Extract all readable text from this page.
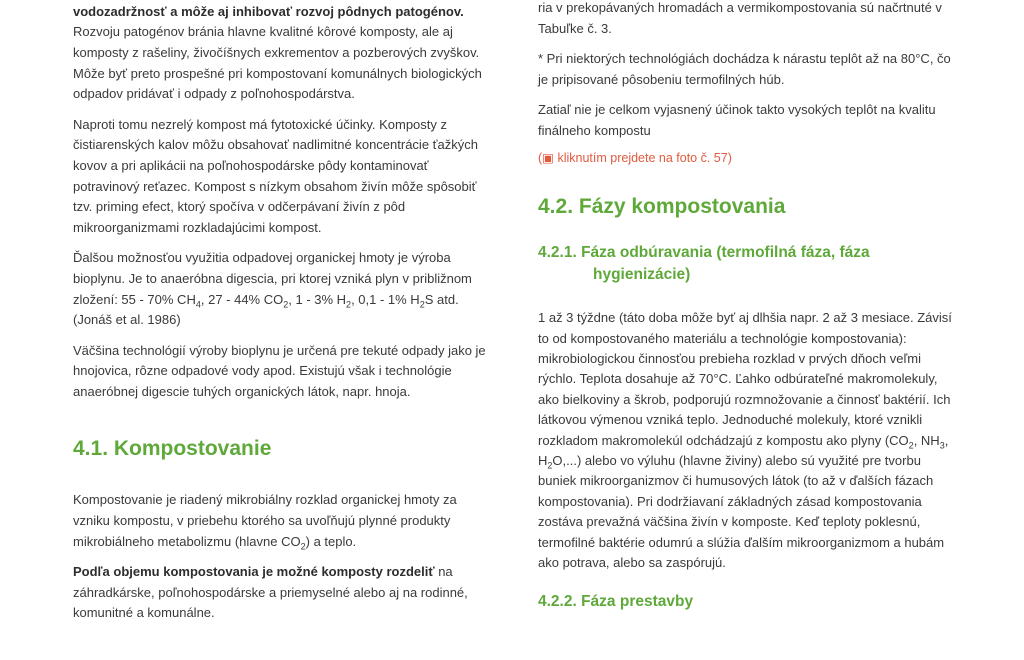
vodozadržnosť a môže aj inhibovať rozvoj pôdnych patogénov. Rozvoju patogénov bránia hlavne kvalitné kôrové komposty, ale aj komposty z rašeliny, živočíšnych exkrementov a pozberových zvyškov. Môže byť preto prospešné pri kompostovaní komunálnych biologických odpadov pridávať i odpady z poľnohospodárstva.

Naproti tomu nezrelý kompost má fytotoxické účinky. Komposty z čistiarenských kalov môžu obsahovať nadlimitné koncentrácie ťažkých kovov a pri aplikácii na poľnohospodárske pôdy kontaminovať potravinový reťazec. Kompost s nízkym obsahom živín môže spôsobiť tzv. priming efect, ktorý spočíva v odčerpávaní živín z pôd mikroorganizmami rozkladajúcimi kompost.

Ďalšou možnosťou využitia odpadovej organickej hmoty je výroba bioplynu. Je to anaeróbna digescia, pri ktorej vzniká plyn v približnom zložení: 55 - 70% $CH_4$, 27 - 44% $CO_2$, 1 - 3% $H_2$, 0,1 - 1% $H_2S$ atd. (Jonáš et al. 1986)

Väčšina technológií výroby bioplynu je určená pre tekuté odpady jako je hnojovica, rôzne odpadové vody apod. Existujú však i technológie anaeróbnej digescie tuhých organických látok, napr. hnoja.

4.1. Kompostovanie

Kompostovanie je riadený mikrobiálny rozklad organickej hmoty za vzniku kompostu, v priebehu ktorého sa uvoľňujú plynné produkty mikrobiálneho metabolizmu (hlavne $CO_2$) a teplo.

Podľa objemu kompostovania je možné komposty rozdeliť na záhradkárske, poľnohospodárske a priemyselné alebo aj na rodinné, komunitné a komunálne.

ria v prekopávaných hromadách a vermikompostovania sú načrtnuté v Tabuľke č. 3.

* Pri niektorých technológiách dochádza k nárastu teplôt až na 80°C, čo je pripisované pôsobeniu termofilných húb.

Zatiaľ nie je celkom vyjasnený účinok takto vysokých teplôt na kvalitu finálneho kompostu

(▣ kliknutím prejdete na foto č. 57)

4.2. Fázy kompostovania
4.2.1. Fáza odbúravania (termofilná fáza, fáza
hygienizácie)

1 až 3 týždne (táto doba môže byť aj dlhšia napr. 2 až 3 mesiace. Závisí to od kompostovaného materiálu a technológie kompostovania): mikrobiologickou činnosťou prebieha rozklad v prvých dňoch veľmi rýchlo. Teplota dosahuje až 70°C. Ľahko odbúrateľné makromolekuly, ako bielkoviny a škrob, podporujú rozmnožovanie a činnosť baktérií. Ich látkovou výmenou vzniká teplo. Jednoduché molekuly, ktoré vznikli rozkladom makromolekúl odchádzajú z kompostu ako plyny ($CO_2$, $NH_3$, $H_2O$,...) alebo vo výluhu (hlavne živiny) alebo sú využité pre tvorbu buniek mikroorganizmov či humusových látok (to až v ďalších fázach kompostovania). Pri dodržiavaní základných zásad kompostovania zostáva prevažná väčšina živín v komposte. Keď teploty poklesnú, termofilné baktérie odumrú a slúžia ďalším mikroorganizmom a hubám ako potrava, alebo sa zaspórujú.

4.2.2. Fáza prestavby
